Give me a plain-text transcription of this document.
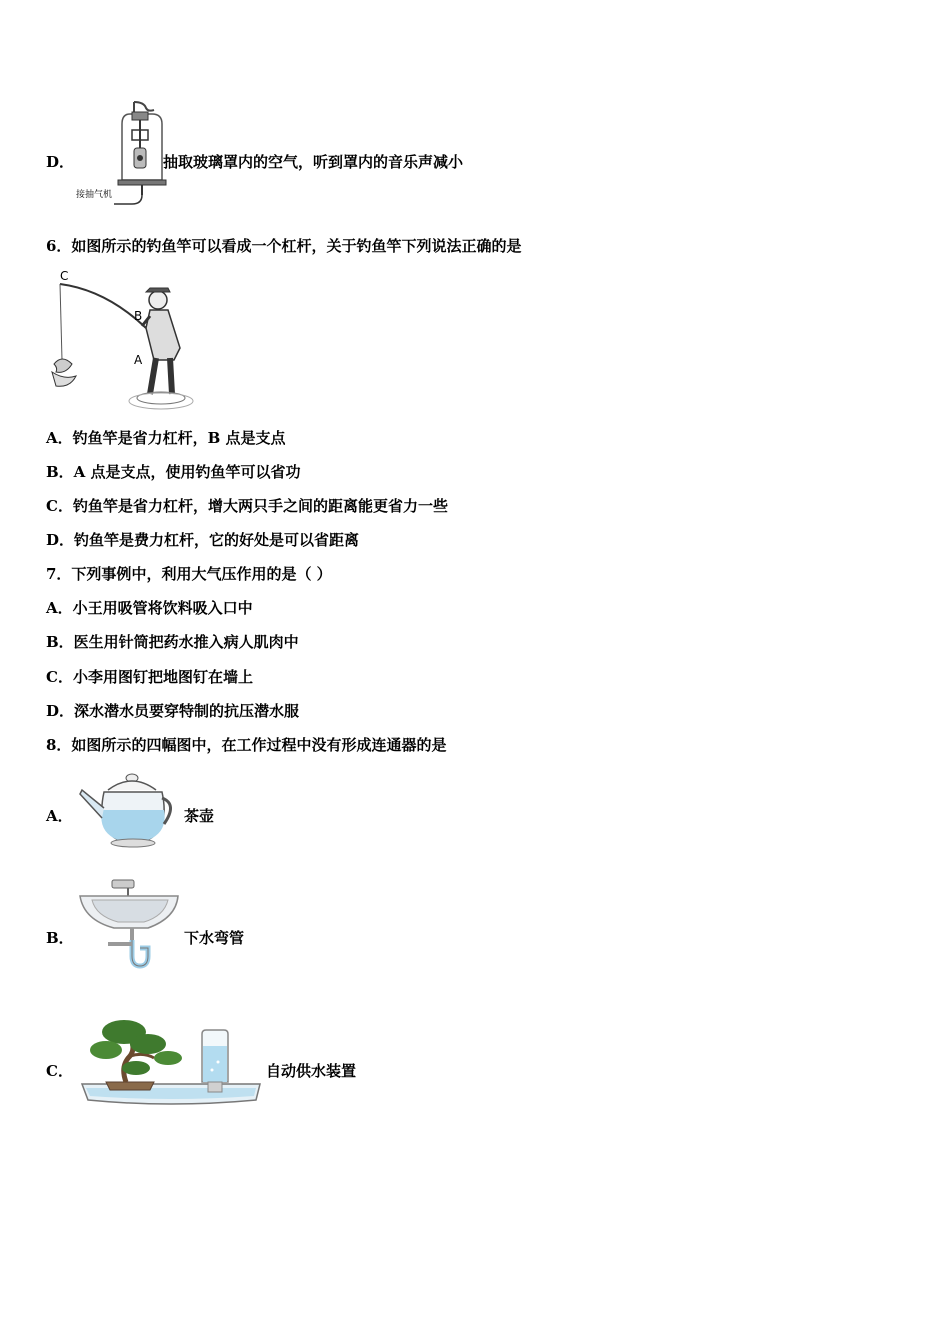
D．
接抽气机
抽取玻璃罩内的空气，听到罩内的音乐声减小
6．如图所示的钓鱼竿可以看成一个杠杆，关于钓鱼竿下列说法正确的是
C
B
A
A．钓鱼竿是省力杠杆，B 点是支点
B．A 点是支点，使用钓鱼竿可以省功
C．钓鱼竿是省力杠杆，增大两只手之间的距离能更省力一些
D．钓鱼竿是费力杠杆，它的好处是可以省距离
7．下列事例中，利用大气压作用的是（ ）
A．小王用吸管将饮料吸入口中
B．医生用针筒把药水推入病人肌肉中
C．小李用图钉把地图钉在墙上
D．深水潜水员要穿特制的抗压潜水服
8．如图所示的四幅图中，在工作过程中没有形成连通器的是
A．	茶壶
B．	下水弯管
C．	自动供水装置
